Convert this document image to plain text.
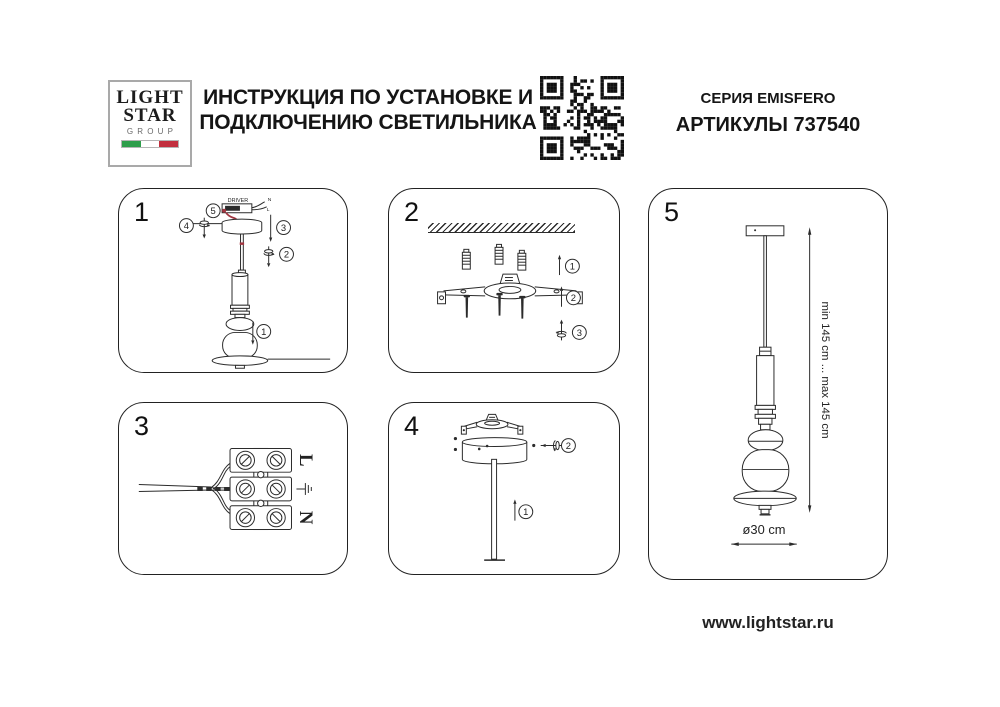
LIGHT
STAR
GROUP
ИНСТРУКЦИЯ ПО УСТАНОВКЕ И
ПОДКЛЮЧЕНИЮ СВЕТИЛЬНИКА
СЕРИЯ EMISFERO
АРТИКУЛЫ 737540
1	DRIVER	N
L
5
4	3
2
1
2
1
2
3
3
L
N
4
2
1
5
min 145 cm ... max 145 cm
ø30 cm
www.lightstar.ru
